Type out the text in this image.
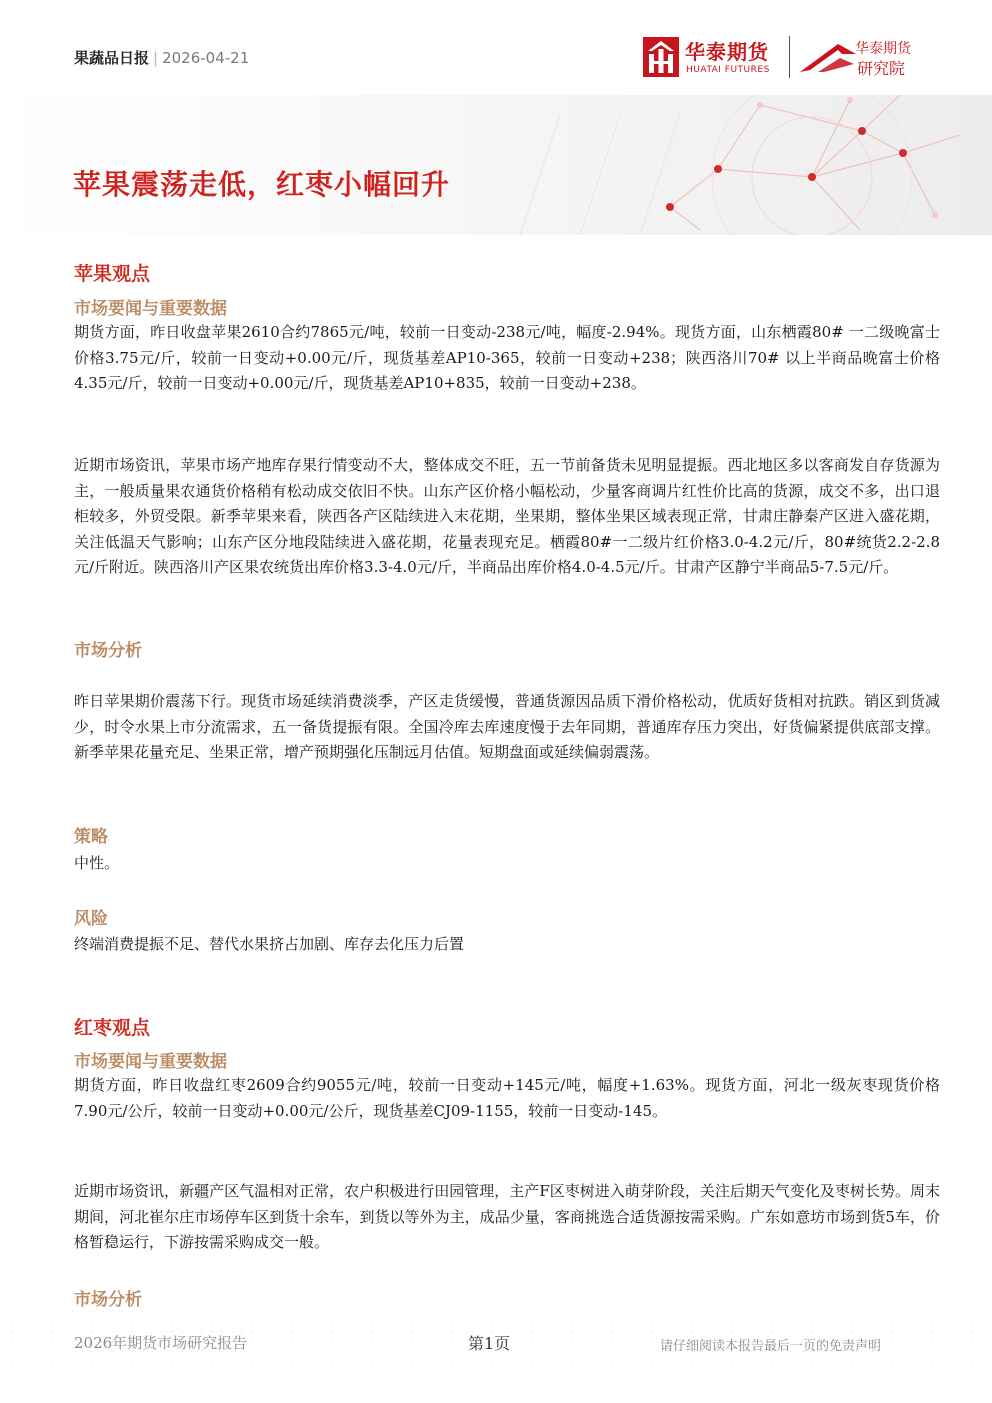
果蔬品日报 | 2026-04-21	华泰期货
HUATAI FUTURES
华泰期货
研究院
苹果震荡走低，红枣小幅回升
苹果观点
市场要闻与重要数据
期货方面，昨日收盘苹果2610合约7865元/吨，较前一日变动-238元/吨，幅度-2.94%。现货方面，山东栖霞80# 一二级晚富士价格3.75元/斤，较前一日变动+0.00元/斤，现货基差AP10-365，较前一日变动+238；陕西洛川70# 以上半商品晚富士价格4.35元/斤，较前一日变动+0.00元/斤，现货基差AP10+835，较前一日变动+238。
近期市场资讯，苹果市场产地库存果行情变动不大，整体成交不旺，五一节前备货未见明显提振。西北地区多以客商发自存货源为主，一般质量果农通货价格稍有松动成交依旧不快。山东产区价格小幅松动，少量客商调片红性价比高的货源，成交不多，出口退柜较多，外贸受限。新季苹果来看，陕西各产区陆续进入末花期，坐果期，整体坐果区域表现正常，甘肃庄静秦产区进入盛花期，关注低温天气影响；山东产区分地段陆续进入盛花期，花量表现充足。栖霞80#一二级片红价格3.0-4.2元/斤，80#统货2.2-2.8元/斤附近。陕西洛川产区果农统货出库价格3.3-4.0元/斤，半商品出库价格4.0-4.5元/斤。甘肃产区静宁半商品5-7.5元/斤。
市场分析
昨日苹果期价震荡下行。现货市场延续消费淡季，产区走货缓慢，普通货源因品质下滑价格松动，优质好货相对抗跌。销区到货减少，时令水果上市分流需求，五一备货提振有限。全国冷库去库速度慢于去年同期，普通库存压力突出，好货偏紧提供底部支撑。新季苹果花量充足、坐果正常，增产预期强化压制远月估值。短期盘面或延续偏弱震荡。
策略
中性。
风险
终端消费提振不足、替代水果挤占加剧、库存去化压力后置
红枣观点
市场要闻与重要数据
期货方面，昨日收盘红枣2609合约9055元/吨，较前一日变动+145元/吨，幅度+1.63%。现货方面，河北一级灰枣现货价格7.90元/公斤，较前一日变动+0.00元/公斤，现货基差CJ09-1155，较前一日变动-145。
近期市场资讯，新疆产区气温相对正常，农户积极进行田园管理，主产F区枣树进入萌芽阶段，关注后期天气变化及枣树长势。周末期间，河北崔尔庄市场停车区到货十余车，到货以等外为主，成品少量，客商挑选合适货源按需采购。广东如意坊市场到货5车，价格暂稳运行，下游按需采购成交一般。
市场分析
2026年期货市场研究报告	第1页	请仔细阅读本报告最后一页的免责声明
